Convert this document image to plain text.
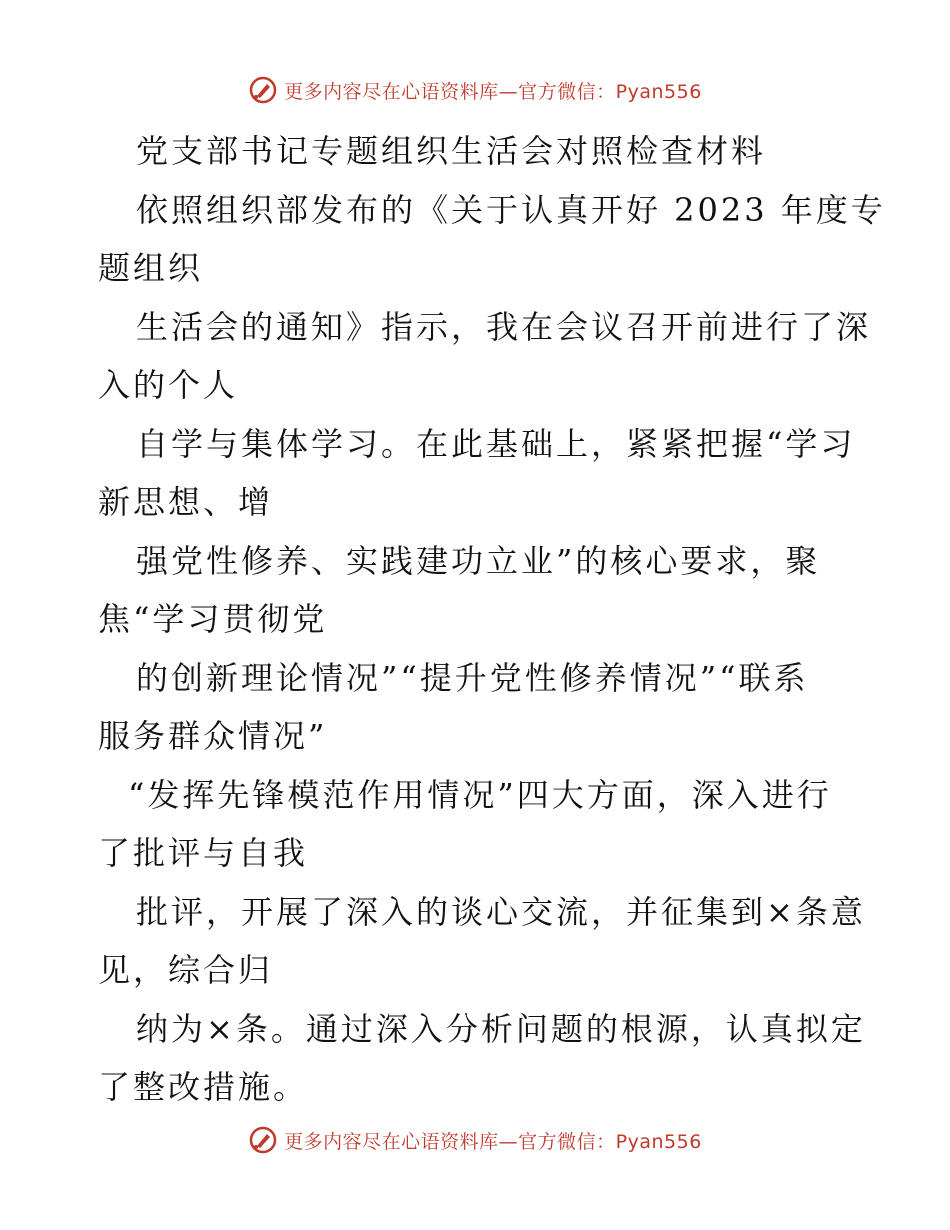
更多内容尽在心语资料库—官方微信：Pyan556
党支部书记专题组织生活会对照检查材料
依照组织部发布的《关于认真开好 2023 年度专
题组织
生活会的通知》指示，我在会议召开前进行了深
入的个人
自学与集体学习。在此基础上，紧紧把握“学习
新思想、增
强党性修养、实践建功立业”的核心要求，聚
焦“学习贯彻党
的创新理论情况”“提升党性修养情况”“联系
服务群众情况”
“发挥先锋模范作用情况”四大方面，深入进行
了批评与自我
批评，开展了深入的谈心交流，并征集到×条意
见，综合归
纳为×条。通过深入分析问题的根源，认真拟定
了整改措施。
更多内容尽在心语资料库—官方微信：Pyan556
